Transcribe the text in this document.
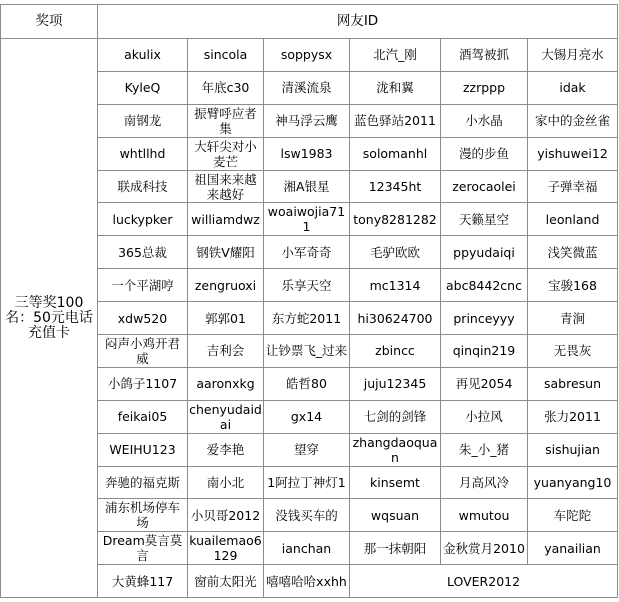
奖项	网友ID					
三等奖100名：50元电话充值卡	akulix	sincola	soppysx	北汽_刚	酒驾被抓	大锡月亮水
	KyleQ	年底c30	清溪流泉	泷和翼	zzrppp	idak
	南钢龙	振臂呼应者集	神马浮云鹰	蓝色驿站2011	小水晶	家中的金丝雀
	whtllhd	大轩尖对小麦芒	lsw1983	solomanhl	漫的步鱼	yishuwei12
	联成科技	祖国来来越来越好	湘A银星	12345ht	zerocaolei	子弹幸福
	luckypker	williamdwz	woaiwojia711	tony8281282	天籁星空	leonland
	365总裁	钢铁V耀阳	小军奇奇	毛驴欧欧	ppyudaiqi	浅笑微蓝
	一个平湖哼	zengruoxi	乐享天空	mc1314	abc8442cnc	宝骏168
	xdw520	郭郭01	东方蛇2011	hi30624700	princeyyy	青涧
	闷声小鸡开君威	吉利会	让钞票飞_过来	zbincc	qinqin219	无畏灰
	小鸽子1107	aaronxkg	皓哲80	juju12345	再见2054	sabresun
	feikai05	chenyudaidai	gx14	七剑的剑锋	小拉风	张力2011
	WEIHU123	爱李艳	望穿	zhangdaoquan	朱_小_猪	sishujian
	奔驰的福克斯	南小北	1阿拉丁神灯1	kinsemt	月高风冷	yuanyang10
	浦东机场停车场	小贝哥2012	没钱买车的	wqsuan	wmutou	车陀陀
	Dream莫言莫言	kuailemao6129	ianchan	那一抹朝阳	金秋赏月2010	yanailian
	大黄蜂117	窗前太阳光	嘻嘻哈哈xxhh	LOVER2012		
